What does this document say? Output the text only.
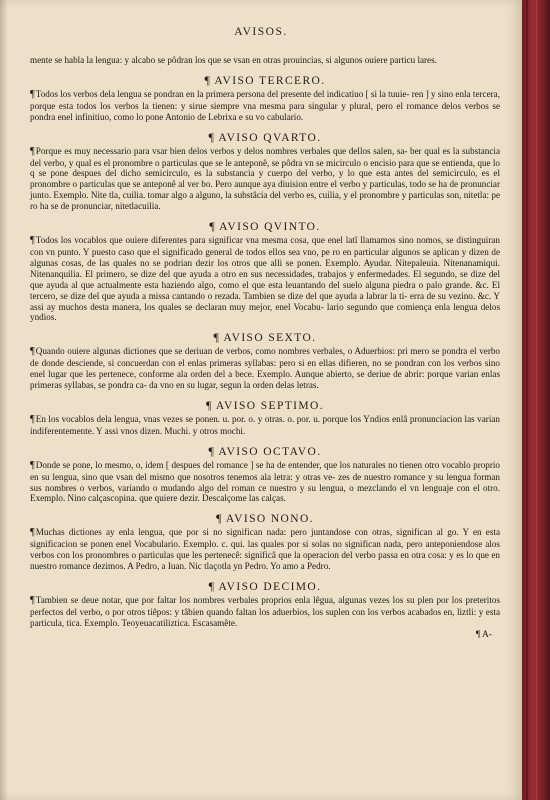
AVISOS.

mente se habla la lengua: y alcabo se pôdran los que se vsan en otras prouincias, si algunos ouiere particu lares.

¶ AVISO TERCERO.

¶Todos los verbos dela lengua se pondran en la primera persona del presente del indicatiuo [ si la tuuie- ren ] y sino enla tercera, porque esta todos los verbos la tienen: y sirue siempre vna mesma para singular y plural, pero el romance delos verbos se pondra enel infinitiuo, como lo pone Antonio de Lebrixa e su vo cabulario.

¶ AVISO QVARTO.

¶Porque es muy necessario para vsar bien delos verbos y delos nombres verbales que dellos salen, sa- ber qual es la substancia del verbo, y qual es el pronombre o particulas que se le anteponê, se pôdra vn se micirculo o encisio para que se entienda, que lo q se pone despues del dicho semicirculo, es la substancia y cuerpo del verbo, y lo que esta antes del semicirculo, es el pronombre o particulas que se anteponê al ver bo. Pero aunque aya diuision entre el verbo y particulas, todo se ha de pronunciar junto. Exemplo. Nite tla, cuilia. tomar algo a alguno, la substâcia del verbo es, cuilia, y el pronombre y particulas son, nitetla: pe ro ha se de pronunciar, nitetlacuilia.

¶ AVISO QVINTO.

¶Todos los vocablos que ouiere diferentes para significar vna mesma cosa, que enel latî llamamos sino nomos, se distinguiran con vn punto. Y puesto caso que el significado general de todos ellos sea vno, pe ro en particular algunos se aplican y dizen de algunas cosas, de las quales no se podrian dezir los otros que alli se ponen. Exemplo. Ayudar. Nitepaleuia. Nitenanamiqui. Nitenanquilia. El primero, se dize del que ayuda a otro en sus necessidades, trabajos y enfermedades. El segundo, se dize del que ayuda al que actualmente esta haziendo algo, como el que esta leuantando del suelo alguna piedra o palo grande. &c. El tercero, se dize del que ayuda a missa cantando o rezada. Tambien se dize del que ayuda a labrar la ti- erra de su vezino. &c. Y assi ay muchos desta manera, los quales se declaran muy mejor, enel Vocabu- lario segundo que comiença enla lengua delos yndios.

¶ AVISO SEXTO.

¶Quando ouiere algunas dictiones que se deriuan de verbos, como nombres verbales, o Aduerbios: pri mero se pondra el verbo de donde desciende, si concuerdan con el enlas primeras syllabas: pero si en ellas difieren, no se pondran con los verbos sino enel lugar que les pertenece, conforme ala orden del a bece. Exemplo. Aunque abierto, se deriue de abrir: porque varian enlas primeras syllabas, se pondra ca- da vno en su lugar, segun la orden delas letras.

¶ AVISO SEPTIMO.

¶En los vocablos dela lengua, vnas vezes se ponen. u. por. o. y otras. o. por. u. porque los Yndios enlâ pronunciacion las varian indiferentemente. Y assi vnos dizen. Muchi. y otros mochi.

¶ AVISO OCTAVO.

¶Donde se pone, lo mesmo, o, idem [ despues del romance ] se ha de entender, que los naturales no tienen otro vocablo proprio en su lengua, sino que vsan del mismo que nosotros tenemos ala letra: y otras ve- zes de nuestro romance y su lengua forman sus nombres o verbos, variando o mudando algo del roman ce nuestro y su lengua, o mezclando el vn lenguaje con el otro. Exemplo. Nino calçascopina. que quiere dezir. Descalçome las calças.

¶ AVISO NONO.

¶Muchas dictiones ay enla lengua, que por si no significan nada: pero juntandose con otras, significan al go. Y en esta significacion se ponen enel Vocabulario. Exemplo. c. qui. las quales por si solas no significan nada, pero anteponiendose alos verbos con los pronombres o particulas que les pertenecê: significâ que la operacion del verbo passa en otra cosa: y es lo que en nuestro romance dezimos. A Pedro, a Iuan. Nic tlaçotla yn Pedro. Yo amo a Pedro.

¶ AVISO DECIMO.

¶Tambien se deue notar, que por faltar los nombres verbales proprios enla lêgua, algunas vezes los su plen por los preteritos perfectos del verbo, o por otros tiêpos: y tâbien quando faltan los aduerbios, los suplen con los verbos acabados en, liztli: y esta particula, tica. Exemplo. Teoyeuacatiliztica. Escasamête.

¶ A-
